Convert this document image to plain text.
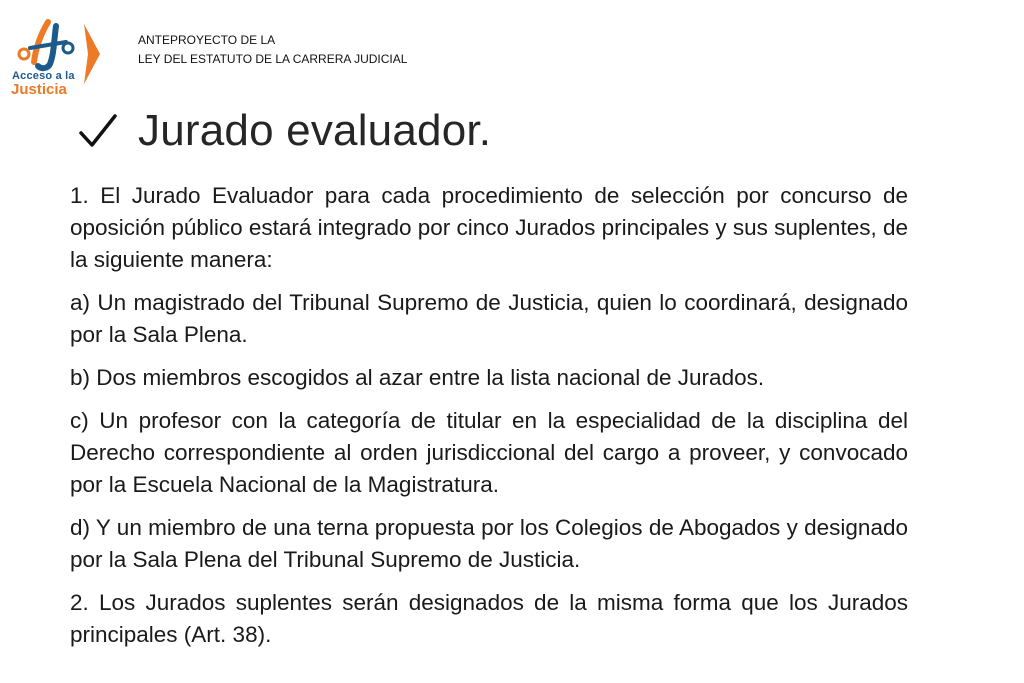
Acceso a la
Justicia
ANTEPROYECTO DE LA
LEY DEL ESTATUTO DE LA CARRERA JUDICIAL
Jurado evaluador.

1. El Jurado Evaluador para cada procedimiento de selección por concurso de oposición público estará integrado por cinco Jurados principales y sus suplentes, de la siguiente manera:

a) Un magistrado del Tribunal Supremo de Justicia, quien lo coordinará, designado por la Sala Plena.

b) Dos miembros escogidos al azar entre la lista nacional de Jurados.

c) Un profesor con la categoría de titular en la especialidad de la disciplina del Derecho correspondiente al orden jurisdiccional del cargo a proveer, y convocado por la Escuela Nacional de la Magistratura.

d) Y un miembro de una terna propuesta por los Colegios de Abogados y designado por la Sala Plena del Tribunal Supremo de Justicia.

2. Los Jurados suplentes serán designados de la misma forma que los Jurados principales (Art. 38).
